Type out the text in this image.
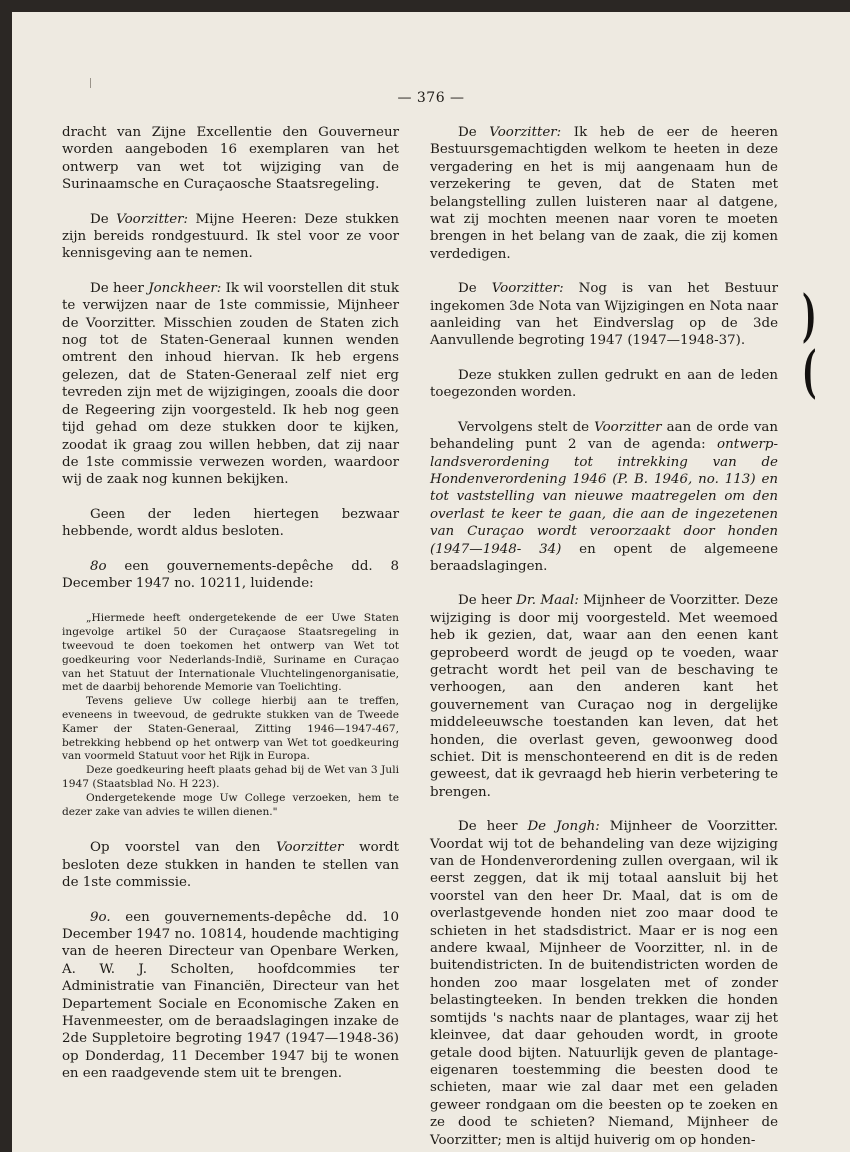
— 376 —

dracht van Zijne Excellentie den Gouverneur worden aangeboden 16 exemplaren van het ontwerp van wet tot wijziging van de Surinaamsche en Curaçaosche Staatsregeling.

De Voorzitter: Mijne Heeren: Deze stukken zijn bereids rondgestuurd. Ik stel voor ze voor kennisgeving aan te nemen.

De heer Jonckheer: Ik wil voorstellen dit stuk te verwijzen naar de 1ste commissie, Mijnheer de Voorzitter. Misschien zouden de Staten zich nog tot de Staten-Generaal kunnen wenden omtrent den inhoud hiervan. Ik heb ergens gelezen, dat de Staten-Generaal zelf niet erg tevreden zijn met de wijzigingen, zooals die door de Regeering zijn voorgesteld. Ik heb nog geen tijd gehad om deze stukken door te kijken, zoodat ik graag zou willen hebben, dat zij naar de 1ste commissie verwezen worden, waardoor wij de zaak nog kunnen bekijken.

Geen der leden hiertegen bezwaar hebbende, wordt aldus besloten.

8o een gouvernements-depêche dd. 8 December 1947 no. 10211, luidende:

„Hiermede heeft ondergetekende de eer Uwe Staten ingevolge artikel 50 der Curaçaose Staatsregeling in tweevoud te doen toekomen het ontwerp van Wet tot goedkeuring voor Nederlands-Indië, Suriname en Curaçao van het Statuut der Internationale Vluchtelingenorganisatie, met de daarbij behorende Memorie van Toelichting.

Tevens gelieve Uw college hierbij aan te treffen, eveneens in tweevoud, de gedrukte stukken van de Tweede Kamer der Staten-Generaal, Zitting 1946—1947-467, betrekking hebbend op het ontwerp van Wet tot goedkeuring van voormeld Statuut voor het Rijk in Europa.

Deze goedkeuring heeft plaats gehad bij de Wet van 3 Juli 1947 (Staatsblad No. H 223).

Ondergetekende moge Uw College verzoeken, hem te dezer zake van advies te willen dienen."

Op voorstel van den Voorzitter wordt besloten deze stukken in handen te stellen van de 1ste commissie.

9o. een gouvernements-depêche dd. 10 December 1947 no. 10814, houdende machtiging van de heeren Directeur van Openbare Werken, A. W. J. Scholten, hoofdcommies ter Administratie van Financiën, Directeur van het Departement Sociale en Economische Zaken en Havenmeester, om de beraadslagingen inzake de 2de Suppletoire begroting 1947 (1947—1948-36) op Donderdag, 11 December 1947 bij te wonen en een raadgevende stem uit te brengen.

De Voorzitter: Ik heb de eer de heeren Bestuursgemachtigden welkom te heeten in deze vergadering en het is mij aangenaam hun de verzekering te geven, dat de Staten met belangstelling zullen luisteren naar al datgene, wat zij mochten meenen naar voren te moeten brengen in het belang van de zaak, die zij komen verdedigen.

De Voorzitter: Nog is van het Bestuur ingekomen 3de Nota van Wijzigingen en Nota naar aanleiding van het Eindverslag op de 3de Aanvullende begroting 1947 (1947—1948-37).

Deze stukken zullen gedrukt en aan de leden toegezonden worden.

Vervolgens stelt de Voorzitter aan de orde van behandeling punt 2 van de agenda: ontwerp-landsverordening tot intrekking van de Hondenverordening 1946 (P. B. 1946, no. 113) en tot vaststelling van nieuwe maatregelen om den overlast te keer te gaan, die aan de ingezetenen van Curaçao wordt veroorzaakt door honden (1947—1948- 34) en opent de algemeene beraadslagingen.

De heer Dr. Maal: Mijnheer de Voorzitter. Deze wijziging is door mij voorgesteld. Met weemoed heb ik gezien, dat, waar aan den eenen kant geprobeerd wordt de jeugd op te voeden, waar getracht wordt het peil van de beschaving te verhoogen, aan den anderen kant het gouvernement van Curaçao nog in dergelijke middeleeuwsche toestanden kan leven, dat het honden, die overlast geven, gewoonweg dood schiet. Dit is menschonteerend en dit is de reden geweest, dat ik gevraagd heb hierin verbetering te brengen.

De heer De Jongh: Mijnheer de Voorzitter. Voordat wij tot de behandeling van deze wijziging van de Hondenverordening zullen overgaan, wil ik eerst zeggen, dat ik mij totaal aansluit bij het voorstel van den heer Dr. Maal, dat is om de overlastgevende honden niet zoo maar dood te schieten in het stadsdistrict. Maar er is nog een andere kwaal, Mijnheer de Voorzitter, nl. in de buitendistricten. In de buitendistricten worden de honden zoo maar losgelaten met of zonder belastingteeken. In benden trekken die honden somtijds 's nachts naar de plantages, waar zij het kleinvee, dat daar gehouden wordt, in groote getale dood bijten. Natuurlijk geven de plantage-eigenaren toestemming die beesten dood te schieten, maar wie zal daar met een geladen geweer rondgaan om die beesten op te zoeken en ze dood te schieten? Niemand, Mijnheer de Voorzitter; men is altijd huiverig om op honden-

) (
